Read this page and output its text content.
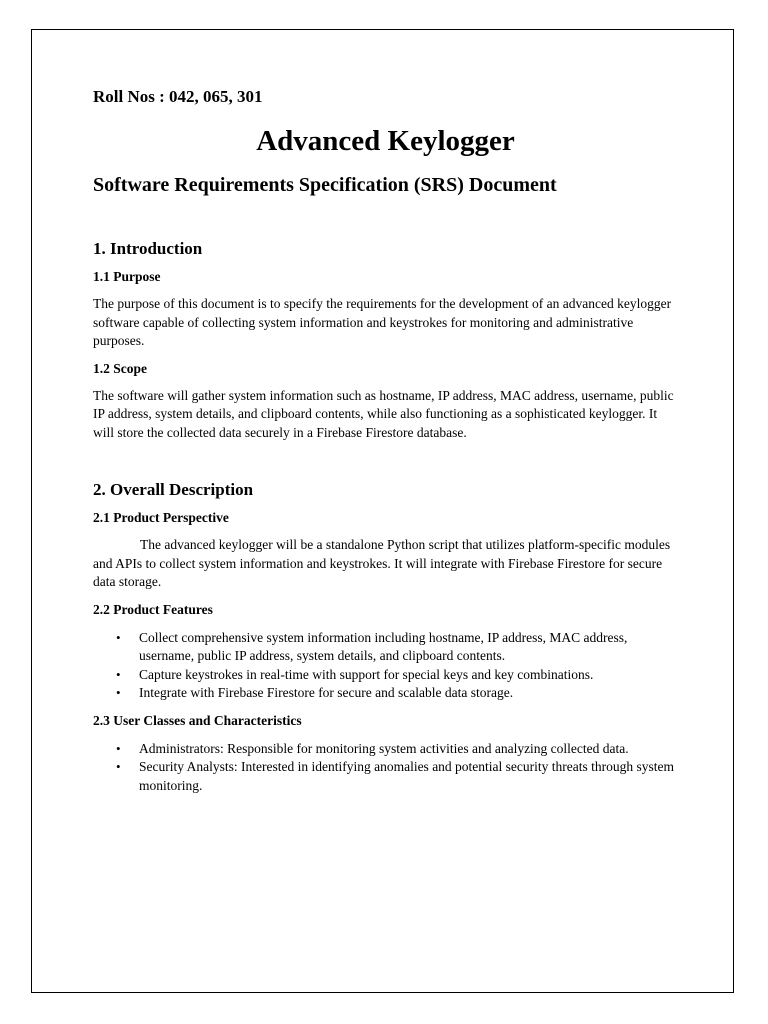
Roll Nos : 042, 065, 301

Advanced Keylogger
Software Requirements Specification (SRS) Document
1. Introduction
1.1 Purpose

The purpose of this document is to specify the requirements for the development of an advanced keylogger software capable of collecting system information and keystrokes for monitoring and administrative purposes.

1.2 Scope

The software will gather system information such as hostname, IP address, MAC address, username, public IP address, system details, and clipboard contents, while also functioning as a sophisticated keylogger. It will store the collected data securely in a Firebase Firestore database.

2. Overall Description
2.1 Product Perspective

The advanced keylogger will be a standalone Python script that utilizes platform-specific modules and APIs to collect system information and keystrokes. It will integrate with Firebase Firestore for secure data storage.

2.2 Product Features
• Collect comprehensive system information including hostname, IP address, MAC address, username, public IP address, system details, and clipboard contents.
• Capture keystrokes in real-time with support for special keys and key combinations.
• Integrate with Firebase Firestore for secure and scalable data storage.
2.3 User Classes and Characteristics
• Administrators: Responsible for monitoring system activities and analyzing collected data.
• Security Analysts: Interested in identifying anomalies and potential security threats through system monitoring.
